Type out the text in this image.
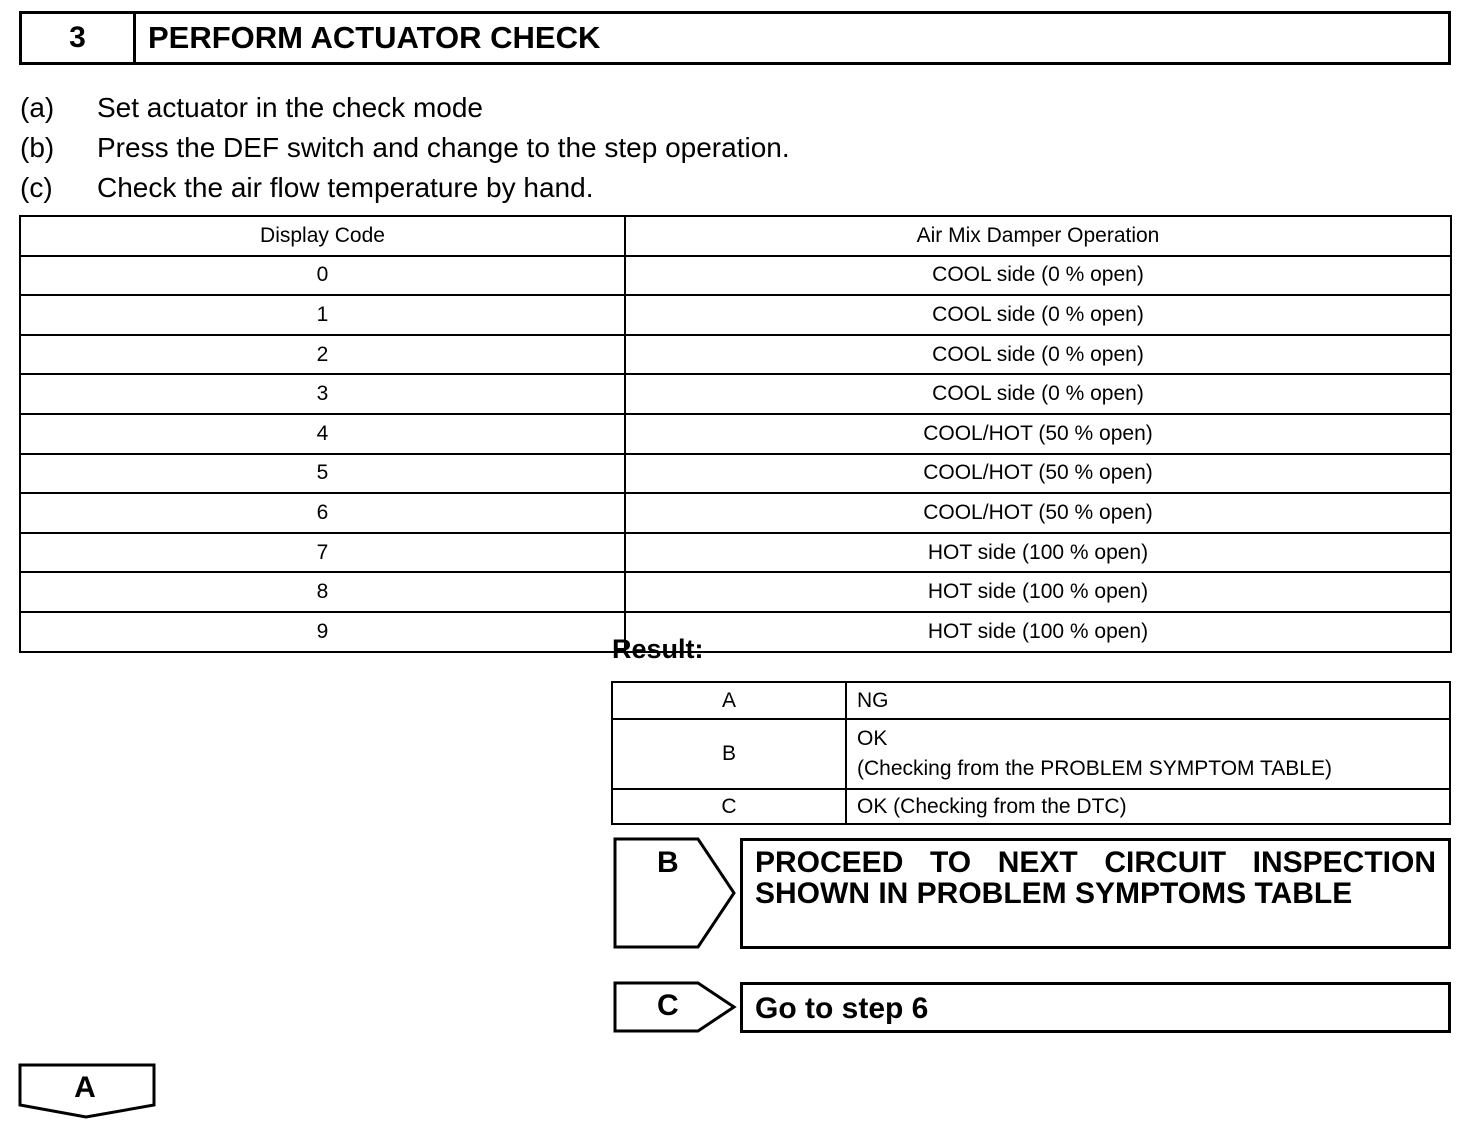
3	PERFORM ACTUATOR CHECK
(a)	Set actuator in the check mode
(b)	Press the DEF switch and change to the step operation.
(c)	Check the air flow temperature by hand.
Display Code	Air Mix Damper Operation
0	COOL side (0 % open)
1	COOL side (0 % open)
2	COOL side (0 % open)
3	COOL side (0 % open)
4	COOL/HOT (50 % open)
5	COOL/HOT (50 % open)
6	COOL/HOT (50 % open)
7	HOT side (100 % open)
8	HOT side (100 % open)
9	HOT side (100 % open)
Result:
A	NG
B	OK
(Checking from the PROBLEM SYMPTOM TABLE)

C	OK (Checking from the DTC)
B	PROCEED TO NEXT CIRCUIT INSPECTION
SHOWN IN PROBLEM SYMPTOMS TABLE
C	Go to step 6
A
